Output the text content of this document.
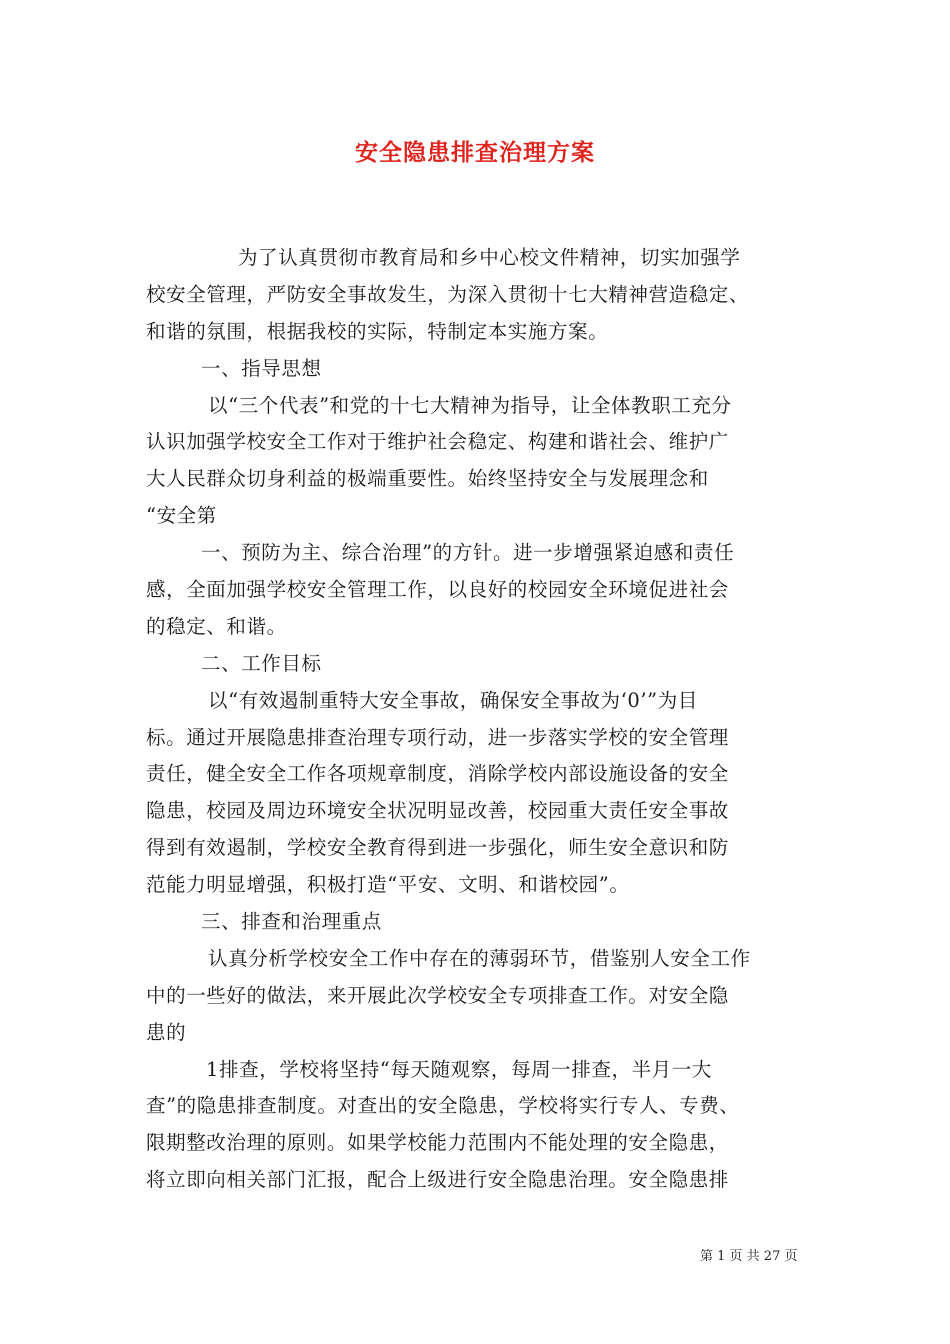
安全隐患排查治理方案
为了认真贯彻市教育局和乡中心校文件精神，切实加强学
校安全管理，严防安全事故发生，为深入贯彻十七大精神营造稳定、
和谐的氛围，根据我校的实际，特制定本实施方案。
一、指导思想
以“三个代表”和党的十七大精神为指导，让全体教职工充分
认识加强学校安全工作对于维护社会稳定、构建和谐社会、维护广
大人民群众切身利益的极端重要性。始终坚持安全与发展理念和
“安全第
一、预防为主、综合治理”的方针。进一步增强紧迫感和责任
感，全面加强学校安全管理工作，以良好的校园安全环境促进社会
的稳定、和谐。
二、工作目标
以“有效遏制重特大安全事故，确保安全事故为‘0’”为目
标。通过开展隐患排查治理专项行动，进一步落实学校的安全管理
责任，健全安全工作各项规章制度，消除学校内部设施设备的安全
隐患，校园及周边环境安全状况明显改善，校园重大责任安全事故
得到有效遏制，学校安全教育得到进一步强化，师生安全意识和防
范能力明显增强，积极打造“平安、文明、和谐校园”。
三、排查和治理重点
认真分析学校安全工作中存在的薄弱环节，借鉴别人安全工作
中的一些好的做法，来开展此次学校安全专项排查工作。对安全隐
患的
1排查，学校将坚持“每天随观察，每周一排查，半月一大
查”的隐患排查制度。对查出的安全隐患，学校将实行专人、专费、
限期整改治理的原则。如果学校能力范围内不能处理的安全隐患，
将立即向相关部门汇报，配合上级进行安全隐患治理。安全隐患排
第 1 页 共 27 页
